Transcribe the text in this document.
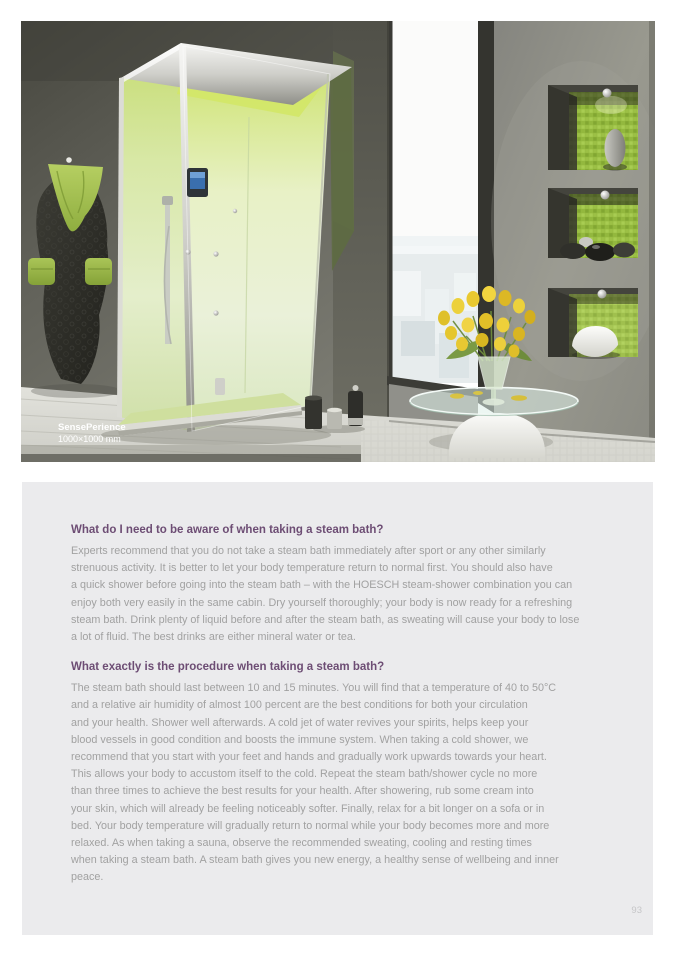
SensePerience
1000×1000 mm
What do I need to be aware of when taking a steam bath?
Experts recommend that you do not take a steam bath immediately after sport or any other similarly
strenuous activity. It is better to let your body temperature return to normal first. You should also have
a quick shower before going into the steam bath – with the HOESCH steam-shower combination you can
enjoy both very easily in the same cabin. Dry yourself thoroughly; your body is now ready for a refreshing
steam bath. Drink plenty of liquid before and after the steam bath, as sweating will cause your body to lose
a lot of fluid. The best drinks are either mineral water or tea.
What exactly is the procedure when taking a steam bath?
The steam bath should last between 10 and 15 minutes. You will find that a temperature of 40 to 50°C
and a relative air humidity of almost 100 percent are the best conditions for both your circulation
and your health. Shower well afterwards. A cold jet of water revives your spirits, helps keep your
blood vessels in good condition and boosts the immune system. When taking a cold shower, we
recommend that you start with your feet and hands and gradually work upwards towards your heart.
This allows your body to accustom itself to the cold. Repeat the steam bath/shower cycle no more
than three times to achieve the best results for your health. After showering, rub some cream into
your skin, which will already be feeling noticeably softer. Finally, relax for a bit longer on a sofa or in
bed. Your body temperature will gradually return to normal while your body becomes more and more
relaxed. As when taking a sauna, observe the recommended sweating, cooling and resting times
when taking a steam bath. A steam bath gives you new energy, a healthy sense of wellbeing and inner
peace.
93
